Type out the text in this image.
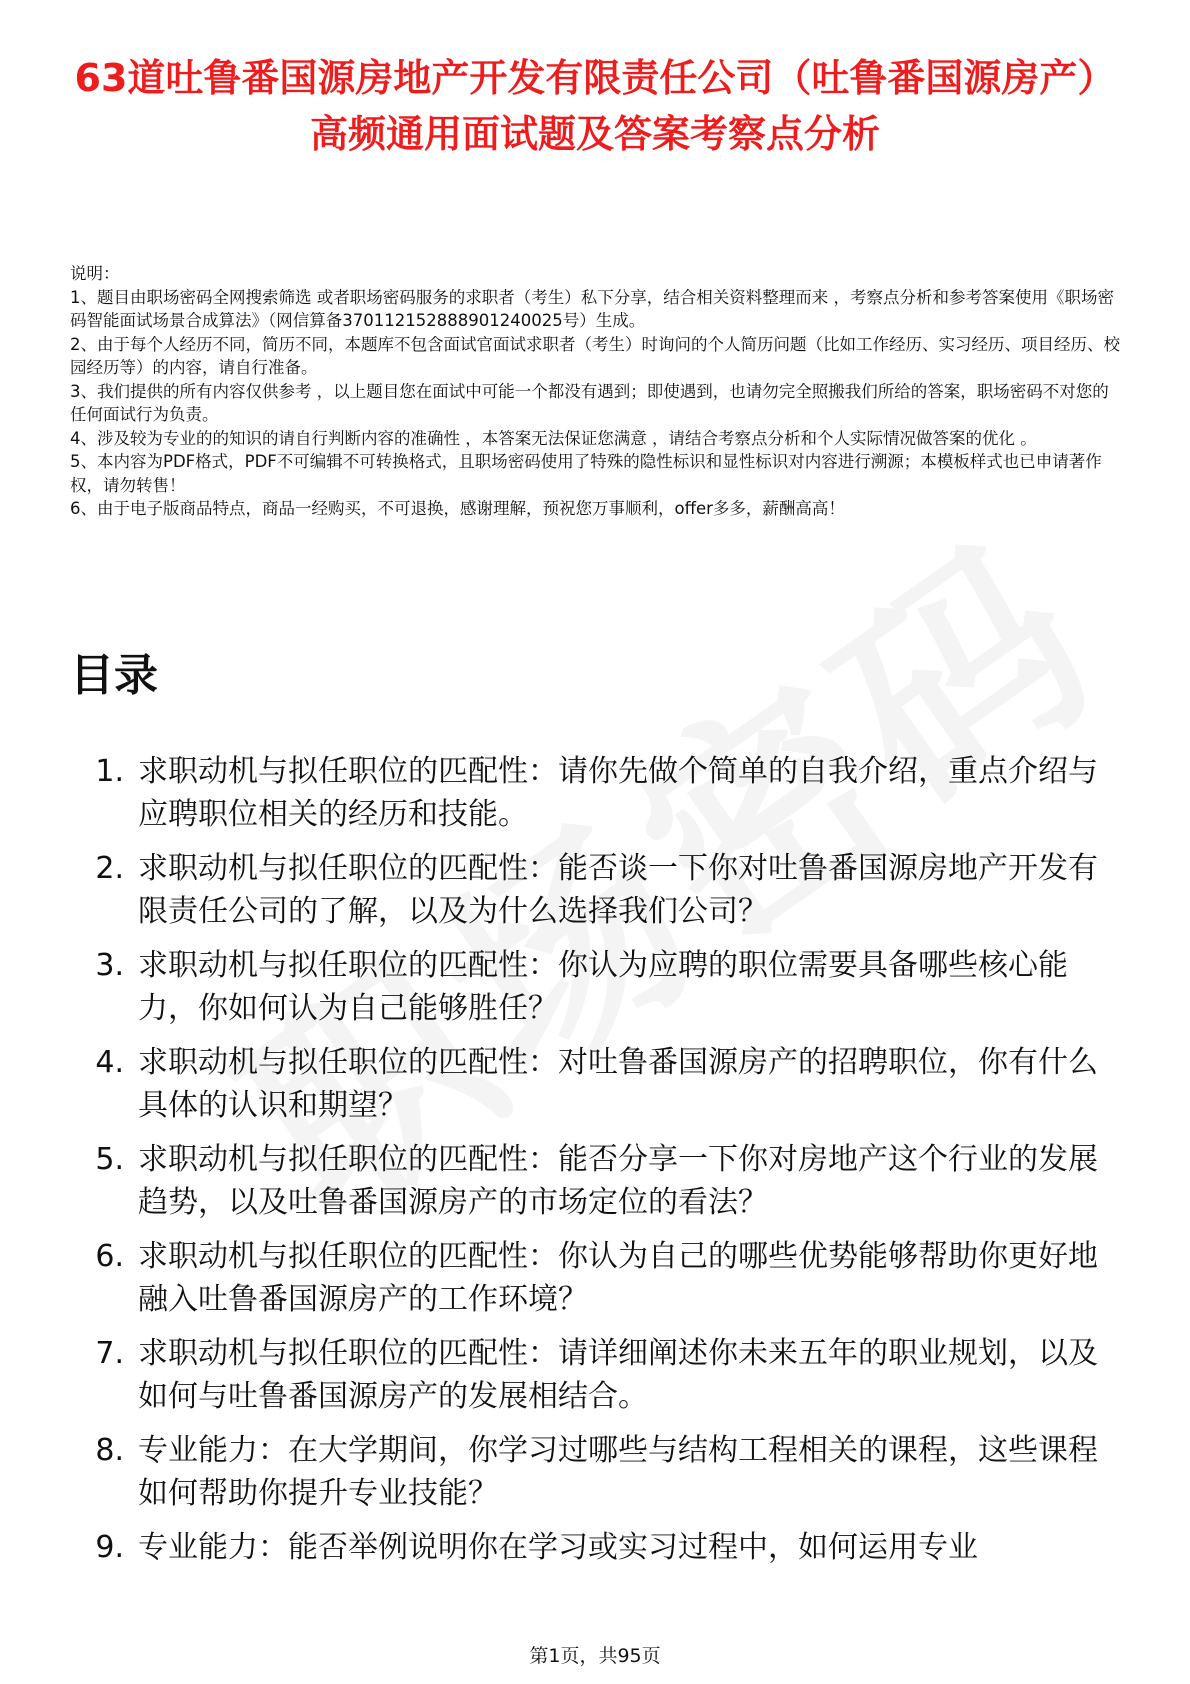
63道吐鲁番国源房地产开发有限责任公司（吐鲁番国源房产）高频通用面试题及答案考察点分析
说明：
1、题目由职场密码全网搜索筛选 或者职场密码服务的求职者（考生）私下分享，结合相关资料整理而来 ，考察点分析和参考答案使用《职场密码智能面试场景合成算法》（网信算备370112152888901240025号）生成。
2、由于每个人经历不同，简历不同，本题库不包含面试官面试求职者（考生）时询问的个人简历问题（比如工作经历、实习经历、项目经历、校园经历等）的内容，请自行准备。
3、我们提供的所有内容仅供参考 ，以上题目您在面试中可能一个都没有遇到；即使遇到，也请勿完全照搬我们所给的答案，职场密码不对您的任何面试行为负责。
4、涉及较为专业的的知识的请自行判断内容的准确性 ，本答案无法保证您满意 ，请结合考察点分析和个人实际情况做答案的优化 。
5、本内容为PDF格式，PDF不可编辑不可转换格式，且职场密码使用了特殊的隐性标识和显性标识对内容进行溯源；本模板样式也已申请著作权，请勿转售！
6、由于电子版商品特点，商品一经购买，不可退换，感谢理解，预祝您万事顺利，offer多多，薪酬高高！
目录
1. 求职动机与拟任职位的匹配性：请你先做个简单的自我介绍，重点介绍与应聘职位相关的经历和技能。
2. 求职动机与拟任职位的匹配性：能否谈一下你对吐鲁番国源房地产开发有限责任公司的了解，以及为什么选择我们公司？
3. 求职动机与拟任职位的匹配性：你认为应聘的职位需要具备哪些核心能力，你如何认为自己能够胜任？
4. 求职动机与拟任职位的匹配性：对吐鲁番国源房产的招聘职位，你有什么具体的认识和期望？
5. 求职动机与拟任职位的匹配性：能否分享一下你对房地产这个行业的发展趋势，以及吐鲁番国源房产的市场定位的看法？
6. 求职动机与拟任职位的匹配性：你认为自己的哪些优势能够帮助你更好地融入吐鲁番国源房产的工作环境？
7. 求职动机与拟任职位的匹配性：请详细阐述你未来五年的职业规划，以及如何与吐鲁番国源房产的发展相结合。
8. 专业能力：在大学期间，你学习过哪些与结构工程相关的课程，这些课程如何帮助你提升专业技能？
9. 专业能力：能否举例说明你在学习或实习过程中，如何运用专业
第1页，共95页
